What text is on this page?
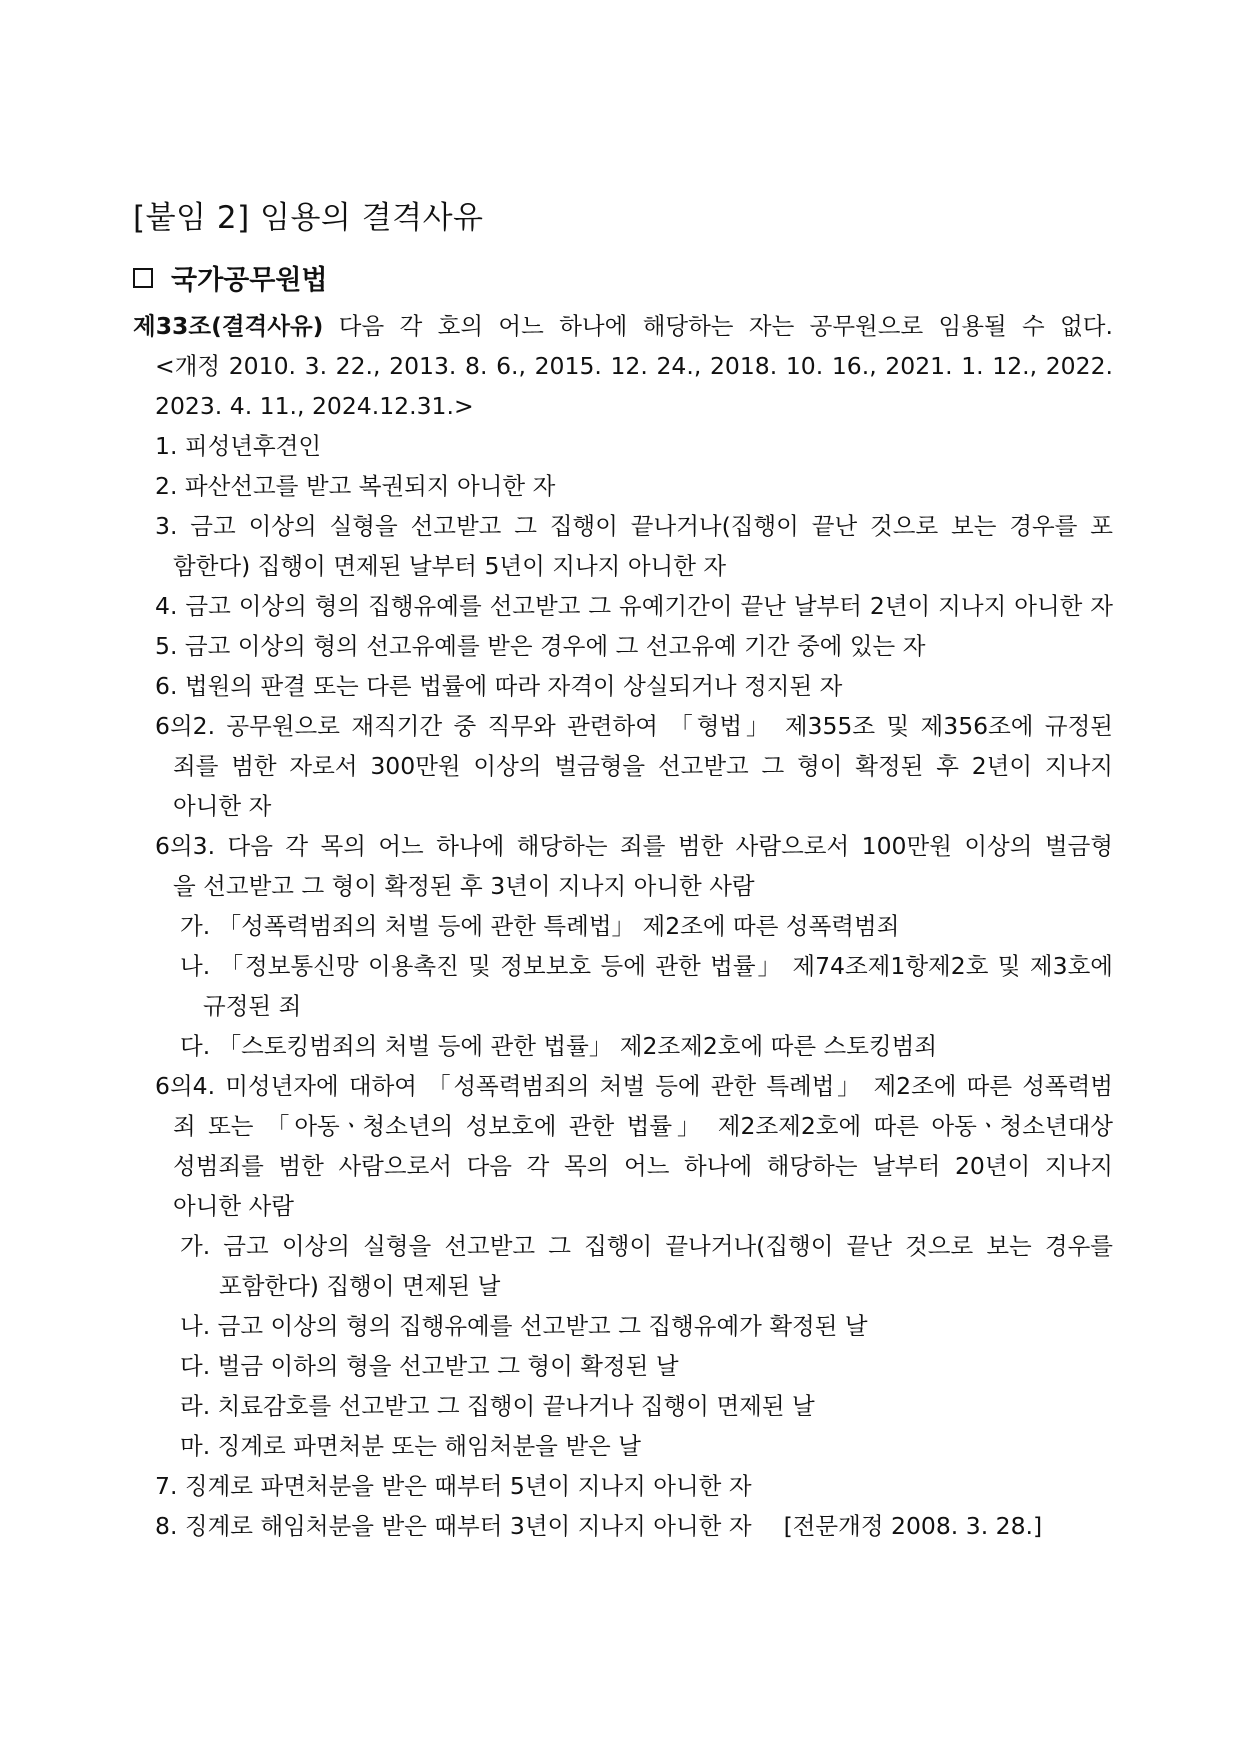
[붙임 2] 임용의 결격사유
국가공무원법
제33조(결격사유) 다음 각 호의 어느 하나에 해당하는 자는 공무원으로 임용될 수 없다.
<개정 2010. 3. 22., 2013. 8. 6., 2015. 12. 24., 2018. 10. 16., 2021. 1. 12., 2022.
2023. 4. 11., 2024.12.31.>
1. 피성년후견인
2. 파산선고를 받고 복권되지 아니한 자
3. 금고 이상의 실형을 선고받고 그 집행이 끝나거나(집행이 끝난 것으로 보는 경우를 포
함한다) 집행이 면제된 날부터 5년이 지나지 아니한 자
4. 금고 이상의 형의 집행유예를 선고받고 그 유예기간이 끝난 날부터 2년이 지나지 아니한 자
5. 금고 이상의 형의 선고유예를 받은 경우에 그 선고유예 기간 중에 있는 자
6. 법원의 판결 또는 다른 법률에 따라 자격이 상실되거나 정지된 자
6의2. 공무원으로 재직기간 중 직무와 관련하여 「형법」 제355조 및 제356조에 규정된
죄를 범한 자로서 300만원 이상의 벌금형을 선고받고 그 형이 확정된 후 2년이 지나지
아니한 자
6의3. 다음 각 목의 어느 하나에 해당하는 죄를 범한 사람으로서 100만원 이상의 벌금형
을 선고받고 그 형이 확정된 후 3년이 지나지 아니한 사람
가. 「성폭력범죄의 처벌 등에 관한 특례법」 제2조에 따른 성폭력범죄
나. 「정보통신망 이용촉진 및 정보보호 등에 관한 법률」 제74조제1항제2호 및 제3호에
규정된 죄
다. 「스토킹범죄의 처벌 등에 관한 법률」 제2조제2호에 따른 스토킹범죄
6의4. 미성년자에 대하여 「성폭력범죄의 처벌 등에 관한 특례법」 제2조에 따른 성폭력범
죄 또는 「아동ㆍ청소년의 성보호에 관한 법률」 제2조제2호에 따른 아동ㆍ청소년대상
성범죄를 범한 사람으로서 다음 각 목의 어느 하나에 해당하는 날부터 20년이 지나지
아니한 사람
가. 금고 이상의 실형을 선고받고 그 집행이 끝나거나(집행이 끝난 것으로 보는 경우를
포함한다) 집행이 면제된 날
나. 금고 이상의 형의 집행유예를 선고받고 그 집행유예가 확정된 날
다. 벌금 이하의 형을 선고받고 그 형이 확정된 날
라. 치료감호를 선고받고 그 집행이 끝나거나 집행이 면제된 날
마. 징계로 파면처분 또는 해임처분을 받은 날
7. 징계로 파면처분을 받은 때부터 5년이 지나지 아니한 자
8. 징계로 해임처분을 받은 때부터 3년이 지나지 아니한 자 [전문개정 2008. 3. 28.]
